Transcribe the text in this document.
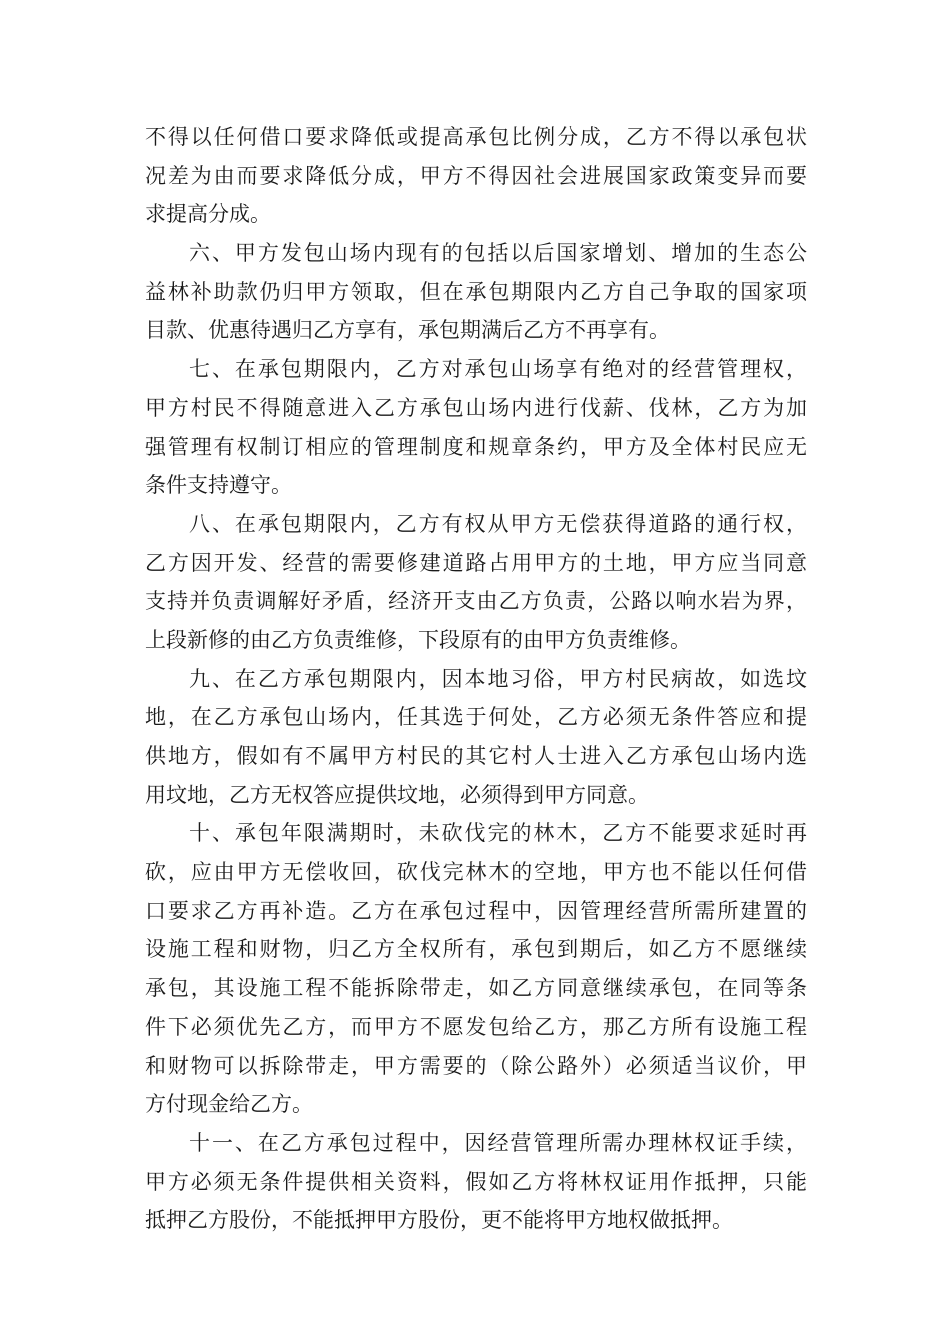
不得以任何借口要求降低或提高承包比例分成，乙方不得以承包状
况差为由而要求降低分成，甲方不得因社会进展国家政策变异而要
求提高分成。
六、甲方发包山场内现有的包括以后国家增划、增加的生态公
益林补助款仍归甲方领取，但在承包期限内乙方自己争取的国家项
目款、优惠待遇归乙方享有，承包期满后乙方不再享有。
七、在承包期限内，乙方对承包山场享有绝对的经营管理权，
甲方村民不得随意进入乙方承包山场内进行伐薪、伐林，乙方为加
强管理有权制订相应的管理制度和规章条约，甲方及全体村民应无
条件支持遵守。
八、在承包期限内，乙方有权从甲方无偿获得道路的通行权，
乙方因开发、经营的需要修建道路占用甲方的土地，甲方应当同意
支持并负责调解好矛盾，经济开支由乙方负责，公路以响水岩为界，
上段新修的由乙方负责维修，下段原有的由甲方负责维修。
九、在乙方承包期限内，因本地习俗，甲方村民病故，如选坟
地，在乙方承包山场内，任其选于何处，乙方必须无条件答应和提
供地方，假如有不属甲方村民的其它村人士进入乙方承包山场内选
用坟地，乙方无权答应提供坟地，必须得到甲方同意。
十、承包年限满期时，未砍伐完的林木，乙方不能要求延时再
砍，应由甲方无偿收回，砍伐完林木的空地，甲方也不能以任何借
口要求乙方再补造。乙方在承包过程中，因管理经营所需所建置的
设施工程和财物，归乙方全权所有，承包到期后，如乙方不愿继续
承包，其设施工程不能拆除带走，如乙方同意继续承包，在同等条
件下必须优先乙方，而甲方不愿发包给乙方，那乙方所有设施工程
和财物可以拆除带走，甲方需要的（除公路外）必须适当议价，甲
方付现金给乙方。
十一、在乙方承包过程中，因经营管理所需办理林权证手续，
甲方必须无条件提供相关资料，假如乙方将林权证用作抵押，只能
抵押乙方股份，不能抵押甲方股份，更不能将甲方地权做抵押。
